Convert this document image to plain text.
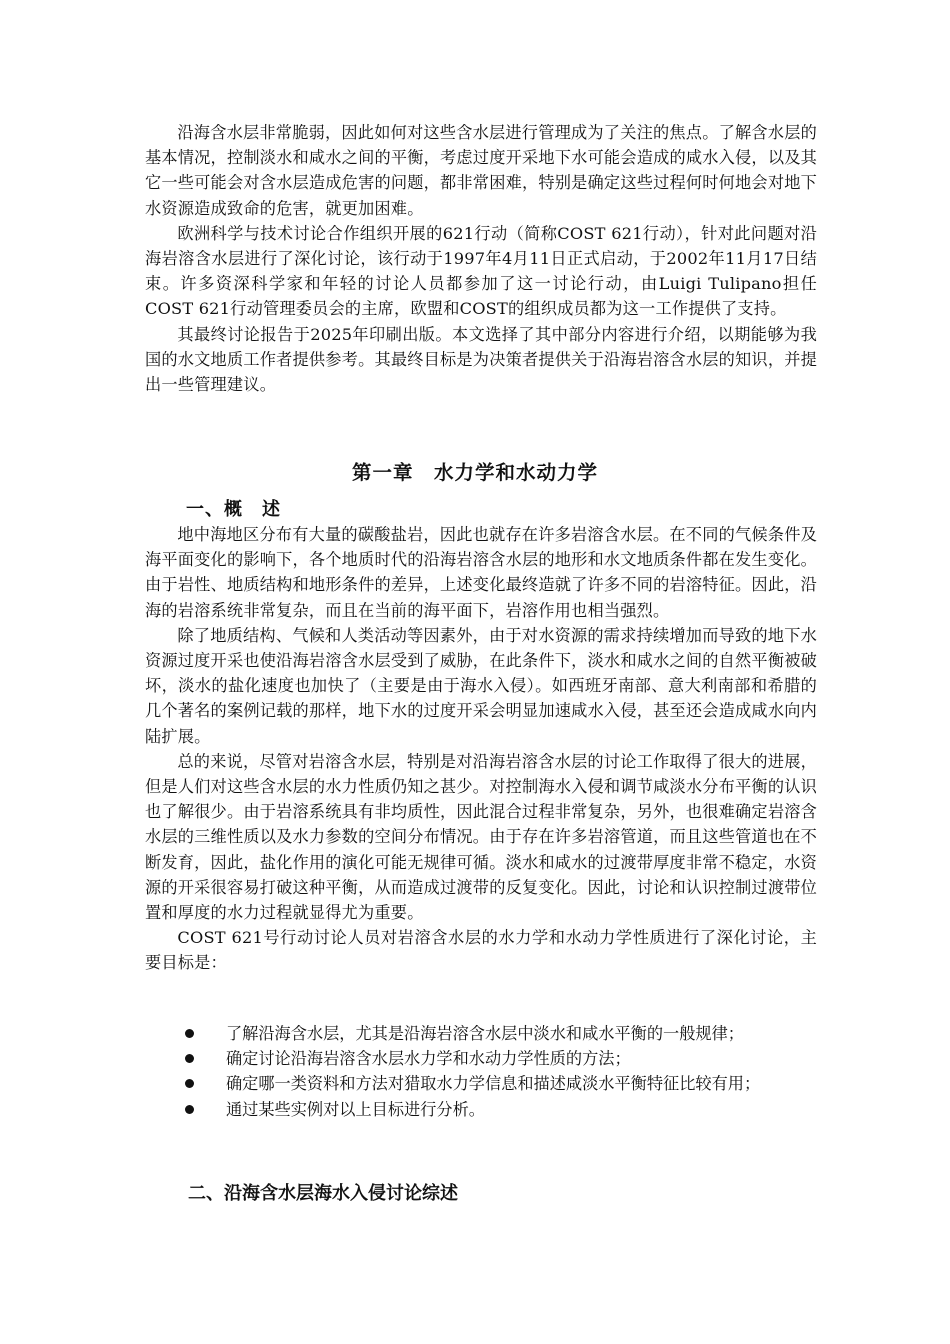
沿海含水层非常脆弱，因此如何对这些含水层进行管理成为了关注的焦点。了解含水层的基本情况，控制淡水和咸水之间的平衡，考虑过度开采地下水可能会造成的咸水入侵，以及其它一些可能会对含水层造成危害的问题，都非常困难，特别是确定这些过程何时何地会对地下水资源造成致命的危害，就更加困难。

欧洲科学与技术讨论合作组织开展的621行动（简称COST 621行动），针对此问题对沿海岩溶含水层进行了深化讨论，该行动于1997年4月11日正式启动，于2002年11月17日结束。许多资深科学家和年轻的讨论人员都参加了这一讨论行动，由Luigi Tulipano担任COST 621行动管理委员会的主席，欧盟和COST的组织成员都为这一工作提供了支持。

其最终讨论报告于2025年印刷出版。本文选择了其中部分内容进行介绍，以期能够为我国的水文地质工作者提供参考。其最终目标是为决策者提供关于沿海岩溶含水层的知识，并提出一些管理建议。

第一章　水力学和水动力学
一、概　述

地中海地区分布有大量的碳酸盐岩，因此也就存在许多岩溶含水层。在不同的气候条件及海平面变化的影响下，各个地质时代的沿海岩溶含水层的地形和水文地质条件都在发生变化。由于岩性、地质结构和地形条件的差异，上述变化最终造就了许多不同的岩溶特征。因此，沿海的岩溶系统非常复杂，而且在当前的海平面下，岩溶作用也相当强烈。

除了地质结构、气候和人类活动等因素外，由于对水资源的需求持续增加而导致的地下水资源过度开采也使沿海岩溶含水层受到了威胁，在此条件下，淡水和咸水之间的自然平衡被破坏，淡水的盐化速度也加快了（主要是由于海水入侵）。如西班牙南部、意大利南部和希腊的几个著名的案例记载的那样，地下水的过度开采会明显加速咸水入侵，甚至还会造成咸水向内陆扩展。

总的来说，尽管对岩溶含水层，特别是对沿海岩溶含水层的讨论工作取得了很大的进展，但是人们对这些含水层的水力性质仍知之甚少。对控制海水入侵和调节咸淡水分布平衡的认识也了解很少。由于岩溶系统具有非均质性，因此混合过程非常复杂，另外，也很难确定岩溶含水层的三维性质以及水力参数的空间分布情况。由于存在许多岩溶管道，而且这些管道也在不断发育，因此，盐化作用的演化可能无规律可循。淡水和咸水的过渡带厚度非常不稳定，水资源的开采很容易打破这种平衡，从而造成过渡带的反复变化。因此，讨论和认识控制过渡带位置和厚度的水力过程就显得尤为重要。

COST 621号行动讨论人员对岩溶含水层的水力学和水动力学性质进行了深化讨论，主要目标是：

了解沿海含水层，尤其是沿海岩溶含水层中淡水和咸水平衡的一般规律；
确定讨论沿海岩溶含水层水力学和水动力学性质的方法；
确定哪一类资料和方法对猎取水力学信息和描述咸淡水平衡特征比较有用；
通过某些实例对以上目标进行分析。
二、沿海含水层海水入侵讨论综述
